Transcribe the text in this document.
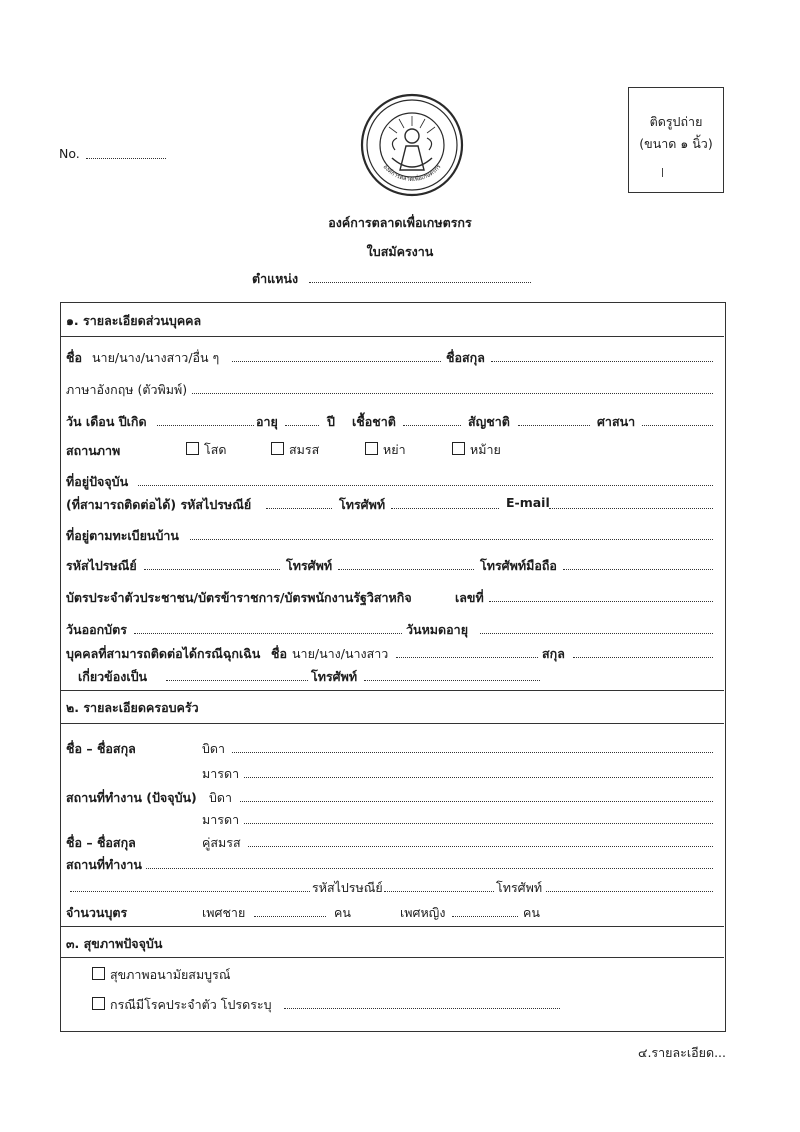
No.
องค์การตลาดเพื่อเกษตรกร
ติดรูปถ่าย
(ขนาด ๑ นิ้ว)
องค์การตลาดเพื่อเกษตรกร
ใบสมัครงาน
ตำแหน่ง
๑. รายละเอียดส่วนบุคคล
ชื่อ นาย/นาง/นางสาว/อื่น ๆ	ชื่อสกุล
ภาษาอังกฤษ (ตัวพิมพ์)
วัน เดือน ปีเกิด	อายุ	ปี เชื้อชาติ	สัญชาติ	ศาสนา
สถานภาพ	โสด	สมรส	หย่า	หม้าย
ที่อยู่ปัจจุบัน
(ที่สามารถติดต่อได้) รหัสไปรษณีย์	โทรศัพท์	E-mail
ที่อยู่ตามทะเบียนบ้าน
รหัสไปรษณีย์	โทรศัพท์	โทรศัพท์มือถือ
บัตรประจำตัวประชาชน/บัตรข้าราชการ/บัตรพนักงานรัฐวิสาหกิจ	เลขที่
วันออกบัตร	วันหมดอายุ
บุคคลที่สามารถติดต่อได้กรณีฉุกเฉิน ชื่อ นาย/นาง/นางสาว	สกุล
เกี่ยวข้องเป็น	โทรศัพท์
๒. รายละเอียดครอบครัว
ชื่อ – ชื่อสกุล	บิดา
มารดา
สถานที่ทำงาน (ปัจจุบัน) บิดา
มารดา
ชื่อ – ชื่อสกุล	คู่สมรส
สถานที่ทำงาน
รหัสไปรษณีย์	โทรศัพท์
จำนวนบุตร	เพศชาย	คน	เพศหญิง	คน
๓. สุขภาพปัจจุบัน
สุขภาพอนามัยสมบูรณ์
กรณีมีโรคประจำตัว โปรดระบุ
๔.รายละเอียด...
